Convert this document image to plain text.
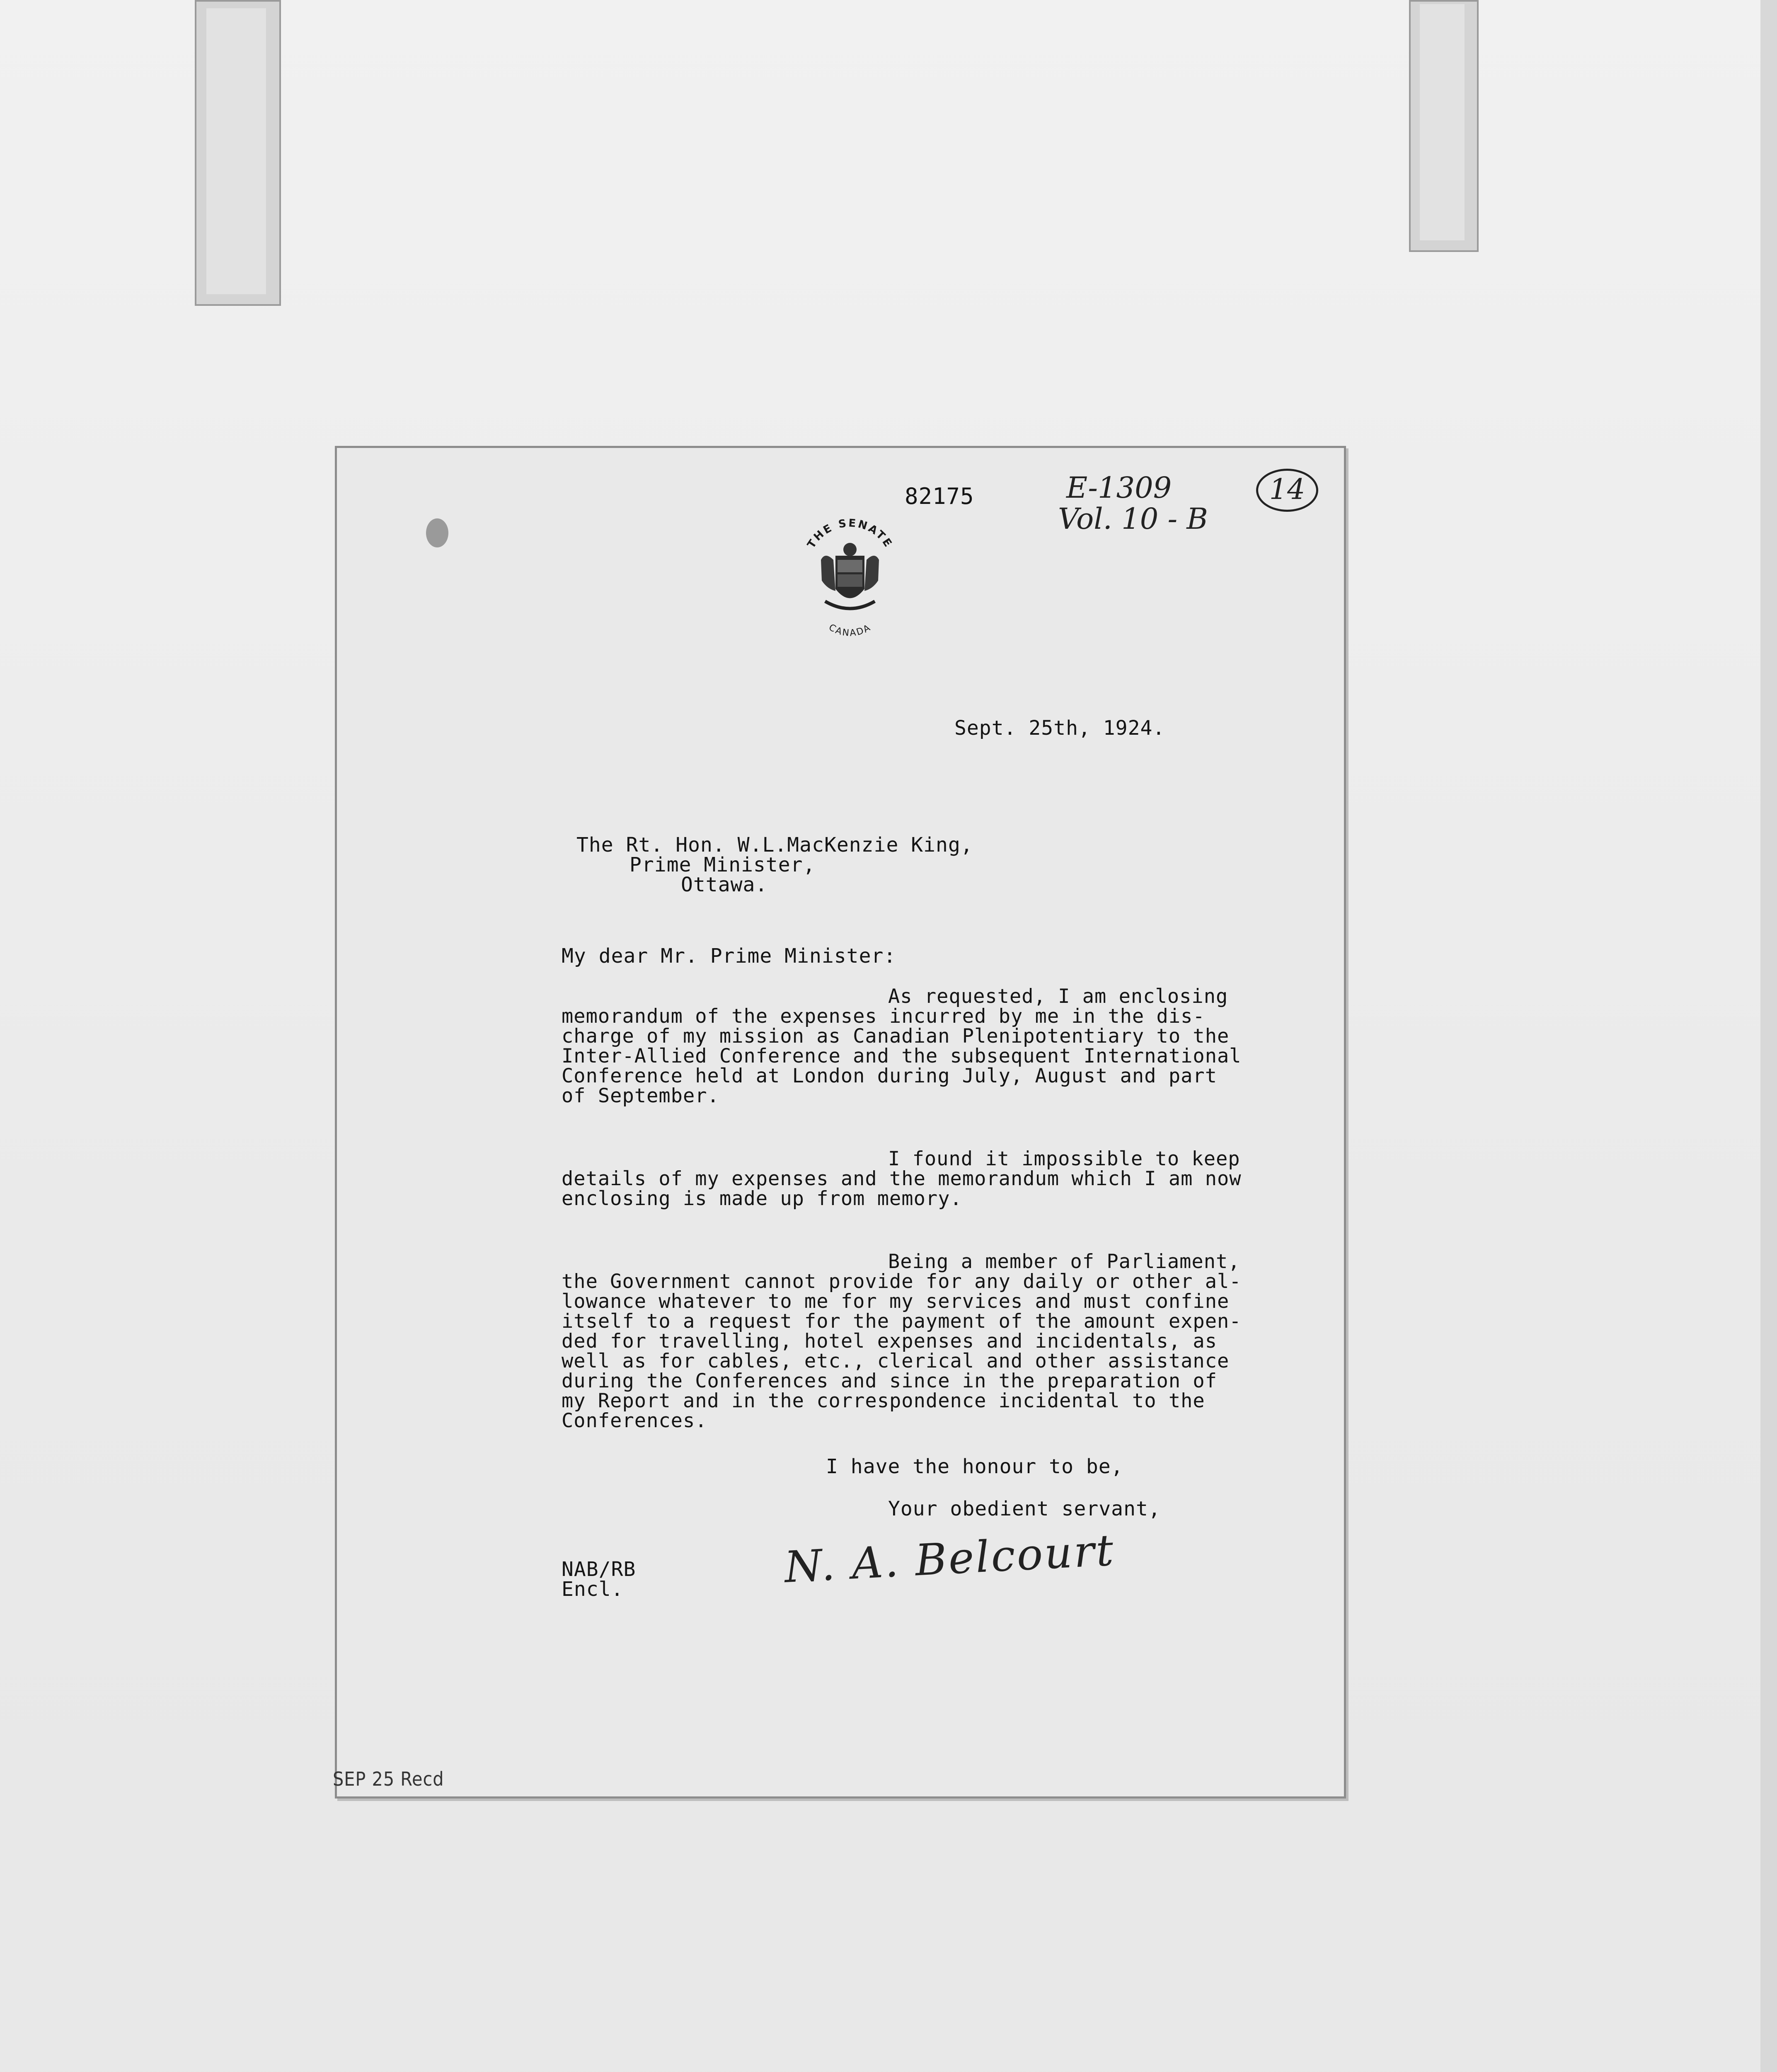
82175	E-1309
Vol. 10 - B
14
THE SENATE
CANADA
Sept. 25th, 1924.
The Rt. Hon. W.L.MacKenzie King,
Prime Minister,
Ottawa.
My dear Mr. Prime Minister:
As requested, I am enclosing
memorandum of the expenses incurred by me in the dis-
charge of my mission as Canadian Plenipotentiary to the
Inter-Allied Conference and the subsequent International
Conference held at London during July, August and part
of September.
I found it impossible to keep
details of my expenses and the memorandum which I am now
enclosing is made up from memory.
Being a member of Parliament,
the Government cannot provide for any daily or other al-
lowance whatever to me for my services and must confine
itself to a request for the payment of the amount expen-
ded for travelling, hotel expenses and incidentals, as
well as for cables, etc., clerical and other assistance
during the Conferences and since in the preparation of
my Report and in the correspondence incidental to the
Conferences.
I have the honour to be,
Your obedient servant,
NAB/RB
Encl.	N. A. Belcourt
SEP 25 Recd
